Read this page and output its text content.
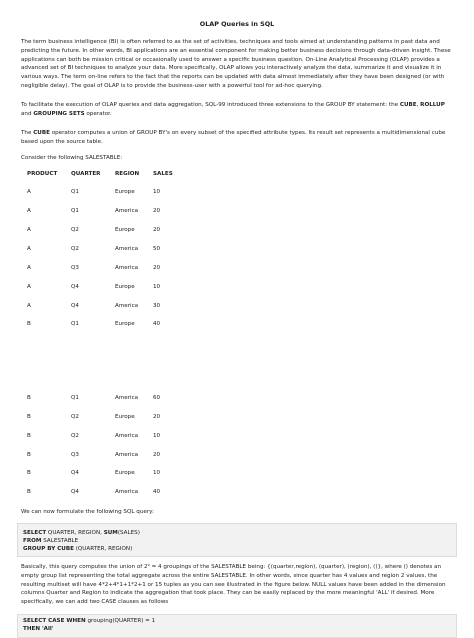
OLAP Queries in SQL
The term business intelligence (BI) is often referred to as the set of activities, techniques and tools aimed at understanding patterns in past data and predicting the future. In other words, BI applications are an essential component for making better business decisions through data-driven insight. These applications can both be mission critical or occasionally used to answer a specific business question. On-Line Analytical Processing (OLAP) provides a advanced set of BI techniques to analyze your data. More specifically, OLAP allows you interactively analyze the data, summarize it and visualize it in various ways. The term on-line refers to the fact that the reports can be updated with data almost immediately after they have been designed (or with negligible delay). The goal of OLAP is to provide the business-user with a powerful tool for ad-hoc querying.
To facilitate the execution of OLAP queries and data aggregation, SQL-99 introduced three extensions to the GROUP BY statement: the CUBE, ROLLUP and GROUPING SETS operator.
The CUBE operator computes a union of GROUP BY's on every subset of the specified attribute types. Its result set represents a multidimensional cube based upon the source table.
Consider the following SALESTABLE:
PRODUCT QUARTER	REGION SALES
A	Q1	Europe	10
A	Q1	America	20
A	Q2	Europe	20
A	Q2	America	50
A	Q3	America	20
A	Q4	Europe	10
A	Q4	America	30
B	Q1	Europe	40
B	Q1	America	60
B	Q2	Europe	20
B	Q2	America	10
B	Q3	America	20
B	Q4	Europe	10
B	Q4	America	40
We can now formulate the following SQL query:
SELECT QUARTER, REGION, SUM(SALES)
FROM SALESTABLE
GROUP BY CUBE (QUARTER, REGION)
Basically, this query computes the union of 2² = 4 groupings of the SALESTABLE being: {(quarter,region), (quarter), (region), ()}, where () denotes an empty group list representing the total aggregate across the entire SALESTABLE. In other words, since quarter has 4 values and region 2 values, the resulting multiset will have 4*2+4*1+1*2+1 or 15 tuples as you can see illustrated in the figure below. NULL values have been added in the dimension columns Quarter and Region to indicate the aggregation that took place. They can be easily replaced by the more meaningful 'ALL' if desired. More specifically, we can add two CASE clauses as follows
SELECT CASE WHEN grouping(QUARTER) = 1
THEN 'All'
